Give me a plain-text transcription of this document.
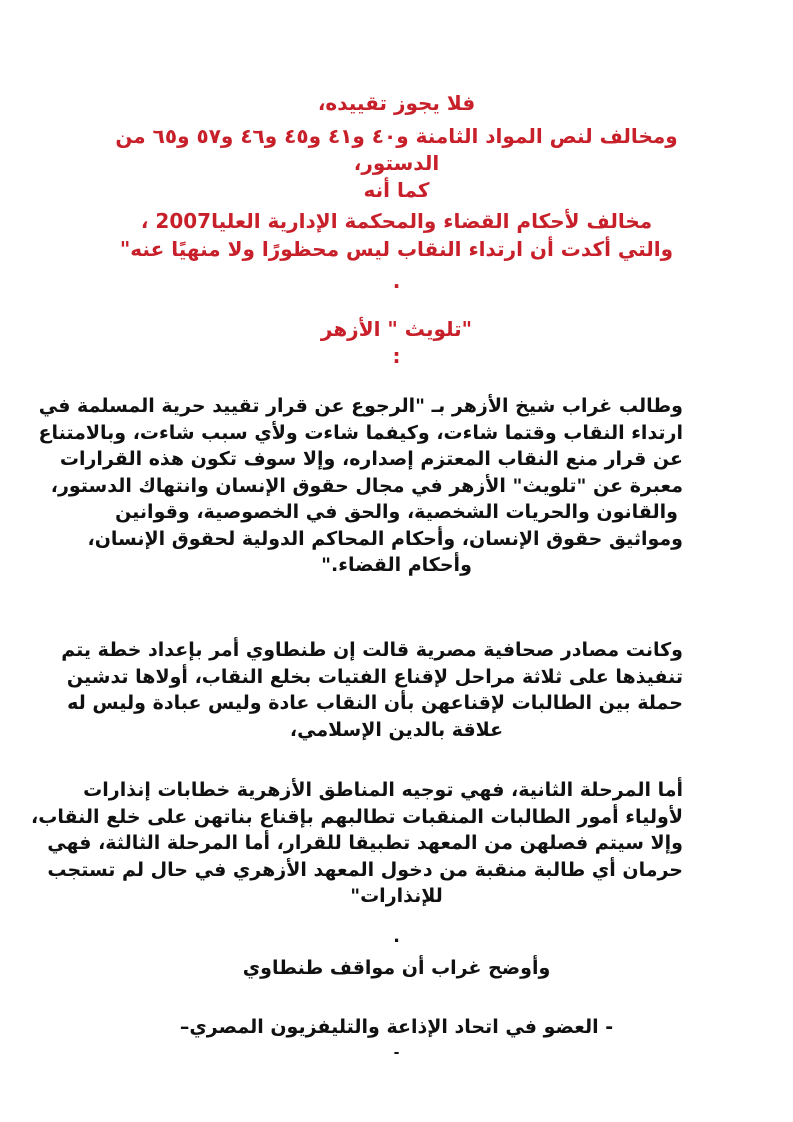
فلا يجوز تقييده،
ومخالف لنص المواد الثامنة و٤٠ و٤١ و٤٥ و٤٦ و٥٧ و٦٥ من
الدستور،
كما أنه
مخالف لأحكام القضاء والمحكمة الإدارية العليا2007 ،
والتي أكدت أن ارتداء النقاب ليس محظورًا ولا منهيًا عنه"
.
"تلويث " الأزهر
:
وطالب غراب شيخ الأزهر بـ "الرجوع عن قرار تقييد حرية المسلمة في
ارتداء النقاب وقتما شاءت، وكيفما شاءت ولأي سبب شاءت، وبالامتناع
عن قرار منع النقاب المعتزم إصداره، وإلا سوف تكون هذه القرارات
معبرة عن "تلويث" الأزهر في مجال حقوق الإنسان وانتهاك الدستور،
والقانون والحريات الشخصية، والحق في الخصوصية، وقوانين
ومواثيق حقوق الإنسان، وأحكام المحاكم الدولية لحقوق الإنسان،
وأحكام القضاء."
وكانت مصادر صحافية مصرية قالت إن طنطاوي أمر بإعداد خطة يتم
تنفيذها على ثلاثة مراحل لإقناع الفتيات بخلع النقاب، أولاها تدشين
حملة بين الطالبات لإقناعهن بأن النقاب عادة وليس عبادة وليس له
علاقة بالدين الإسلامي،
أما المرحلة الثانية، فهي توجيه المناطق الأزهرية خطابات إنذارات
لأولياء أمور الطالبات المنقبات تطالبهم بإقناع بناتهن على خلع النقاب،
وإلا سيتم فصلهن من المعهد تطبيقا للقرار، أما المرحلة الثالثة، فهي
حرمان أي طالبة منقبة من دخول المعهد الأزهري في حال لم تستجب
للإنذارات"
.
وأوضح غراب أن مواقف طنطاوي
- العضو في اتحاد الإذاعة والتليفزيون المصري–
-
